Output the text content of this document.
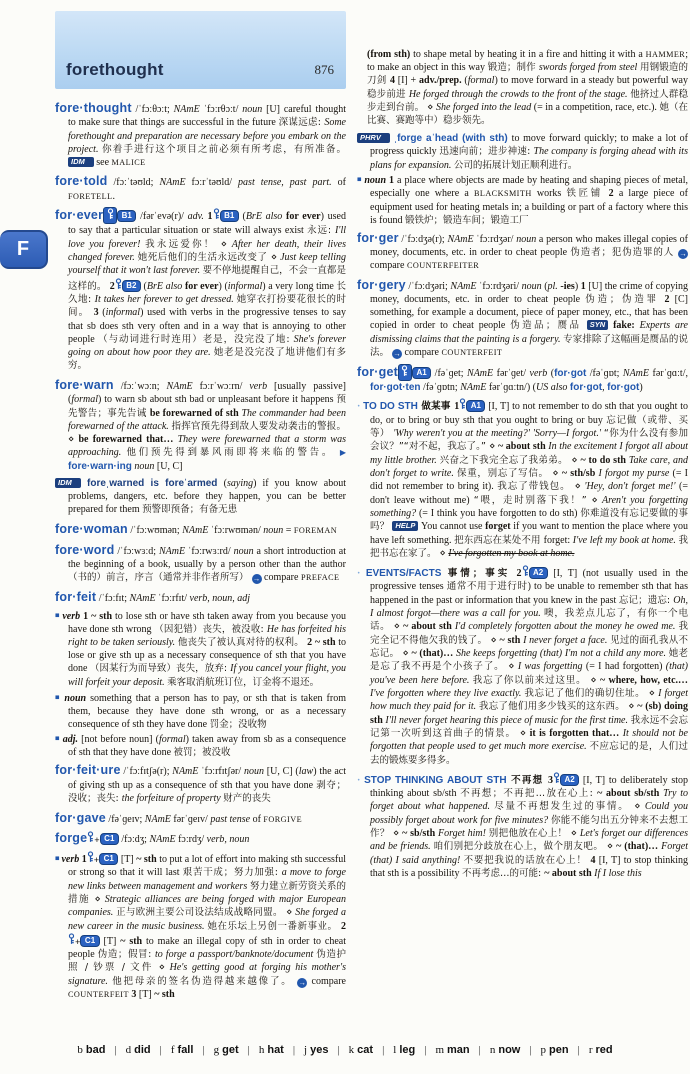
forethought	876
F

fore·thought /ˈfɔːθɔːt; NAmE ˈfɔːrθɔːt/ noun [U] careful thought to make sure that things are successful in the future 深谋远虑: Some forethought and preparation are necessary before you embark on the project. 你着手进行这个项目之前必须有所考虑，有所准备。 IDM see MALICE

fore·told /fɔːˈtəʊld; NAmE fɔːrˈtəʊld/ past tense, past part. of FORETELL.

for·ever B1 /fərˈevə(r)/ adv. 1 B1 (BrE also for ever) used to say that a particular situation or state will always exist 永远: I'll love you forever! 我永远爱你！ ⋄ After her death, their lives changed forever. 她死后他们的生活永远改变了 ⋄ Just keep telling yourself that it won't last forever. 要不停地提醒自己，不会一直都是这样的。 2 B2 (BrE also for ever) (informal) a very long time 长久地: It takes her forever to get dressed. 她穿衣打扮要花很长的时间。 3 (informal) used with verbs in the progressive tenses to say that sb does sth very often and in a way that is annoying to other people （与动词进行时连用）老是，没完没了地: She's forever going on about how poor they are. 她老是没完没了地讲他们有多穷。

fore·warn /fɔːˈwɔːn; NAmE fɔːrˈwɔːrn/ verb [usually passive] (formal) to warn sb about sth bad or unpleasant before it happens 预先警告；事先告诫 be forewarned of sth The commander had been forewarned of the attack. 指挥官预先得到敌人要发动袭击的警报。 ⋄ be forewarned that… They were forewarned that a storm was approaching. 他们预先得到暴风雨即将来临的警告。 ▶ fore·warn·ing noun [U, C]

IDM foreˌwarned is foreˈarmed (saying) if you know about problems, dangers, etc. before they happen, you can be better prepared for them 预警即预备；有备无患

fore·woman /ˈfɔːwʊmən; NAmE ˈfɔːrwʊmən/ noun = FOREMAN

fore·word /ˈfɔːwɜːd; NAmE ˈfɔːrwɜːrd/ noun a short introduction at the beginning of a book, usually by a person other than the author （书的）前言，序言（通常并非作者所写） → compare PREFACE

for·feit /ˈfɔːfɪt; NAmE ˈfɔːrfɪt/ verb, noun, adj

■ verb 1 ~ sth to lose sth or have sth taken away from you because you have done sth wrong （因犯错）丧失，被没收: He has forfeited his right to be taken seriously. 他丧失了被认真对待的权利。 2 ~ sth to lose or give sth up as a necessary consequence of sth that you have done （因某行为而导致）丧失，放弃: If you cancel your flight, you will forfeit your deposit. 乘客取消航班订位，订金将不退还。

■ noun something that a person has to pay, or sth that is taken from them, because they have done sth wrong, or as a necessary consequence of sth they have done 罚金；没收物

■ adj. [not before noun] (formal) taken away from sb as a consequence of sth that they have done 被罚；被没收

for·feit·ure /ˈfɔːfɪtʃə(r); NAmE ˈfɔːrfɪtʃər/ noun [U, C] (law) the act of giving sth up as a consequence of sth that you have done 剥夺；没收；丧失: the forfeiture of property 财产的丧失

for·gave /fəˈɡeɪv; NAmE fərˈɡeɪv/ past tense of FORGIVE

forge + C1 /fɔːdʒ; NAmE fɔːrdʒ/ verb, noun

■ verb 1 + C1 [T] ~ sth to put a lot of effort into making sth successful or strong so that it will last 艰苦干成；努力加强: a move to forge new links between management and workers 努力建立新劳资关系的措施 ⋄ Strategic alliances are being forged with major European companies. 正与欧洲主要公司设法结成战略同盟。 ⋄ She forged a new career in the music business. 她在乐坛上另创一番新事业。 2+ C1 [T] ~ sth to make an illegal copy of sth in order to cheat people 伪造；假冒: to forge a passport/banknote/document 伪造护照 / 钞票 / 文件 ⋄ He's getting good at forging his mother's signature. 他把母亲的签名伪造得越来越像了。 → compare COUNTERFEIT 3 [T] ~ sth

(from sth) to shape metal by heating it in a fire and hitting it with a HAMMER; to make an object in this way 锻造；制作 swords forged from steel 用钢锻造的刀剑 4 [I] + adv./prep. (formal) to move forward in a steady but powerful way 稳步前进 He forged through the crowds to the front of the stage. 他挤过人群稳步走到台前。 ⋄ She forged into the lead (= in a competition, race, etc.). 她（在比赛、赛跑等中）稳步领先。

PHRV ˌforge aˈhead (with sth) to move forward quickly; to make a lot of progress quickly 迅速向前；进步神速: The company is forging ahead with its plans for expansion. 公司的拓展计划正顺利进行。

■ noun 1 a place where objects are made by heating and shaping pieces of metal, especially one where a BLACKSMITH works 铁匠铺 2 a large piece of equipment used for heating metals in; a building or part of a factory where this is found 锻铁炉；锻造车间；锻造工厂

for·ger /ˈfɔːdʒə(r); NAmE ˈfɔːrdʒər/ noun a person who makes illegal copies of money, documents, etc. in order to cheat people 伪造者；犯伪造罪的人 → compare COUNTERFEITER

for·gery /ˈfɔːdʒəri; NAmE ˈfɔːrdʒəri/ noun (pl. -ies) 1 [U] the crime of copying money, documents, etc. in order to cheat people 伪造；伪造罪 2 [C] something, for example a document, piece of paper money, etc., that has been copied in order to cheat people 伪造品；赝品 SYN fake: Experts are dismissing claims that the painting is a forgery. 专家排除了这幅画是赝品的说法。 → compare COUNTERFEIT

for·get A1 /fəˈɡet; NAmE fərˈɡet/ verb (for·got /fəˈɡɒt; NAmE fərˈɡɑːt/, for·got·ten /fəˈɡɒtn; NAmE fərˈɡɑːtn/) (US also for·got, for·got)

· TO DO STH 做某事 1 A1 [I, T] to not remember to do sth that you ought to do, or to bring or buy sth that you ought to bring or buy 忘记做（或带、买等） 'Why weren't you at the meeting?' 'Sorry—I forgot.' “你为什么没有参加会议？”“对不起，我忘了。” ⋄ ~ about sth In the excitement I forgot all about my little brother. 兴奋之下我完全忘了我弟弟。 ⋄ ~ to do sth Take care, and don't forget to write. 保重，别忘了写信。 ⋄ ~ sth/sb I forgot my purse (= I did not remember to bring it). 我忘了带钱包。 ⋄ 'Hey, don't forget me!' (= don't leave without me) “喂，走时别落下我！” ⋄ Aren't you forgetting something? (= I think you have forgotten to do sth) 你难道没有忘记要做的事吗？ HELP You cannot use forget if you want to mention the place where you have left something. 把东西忘在某处不用 forget: I've left my book at home. 我把书忘在家了。 ⋄ I've forgotten my book at home.

· EVENTS/FACTS 事情；事实 2 A2 [I, T] (not usually used in the progressive tenses 通常不用于进行时) to be unable to remember sth that has happened in the past or information that you knew in the past 忘记；遗忘: Oh, I almost forgot—there was a call for you. 噢，我差点儿忘了，有你一个电话。 ⋄ ~ about sth I'd completely forgotten about the money he owed me. 我完全记不得他欠我的钱了。 ⋄ ~ sth I never forget a face. 见过的面孔我从不忘记。 ⋄ ~ (that)… She keeps forgetting (that) I'm not a child any more. 她老是忘了我不再是个小孩子了。 ⋄ I was forgetting (= I had forgotten) (that) you've been here before. 我忘了你以前来过这里。 ⋄ ~ where, how, etc.… I've forgotten where they live exactly. 我忘记了他们的确切住址。 ⋄ I forget how much they paid for it. 我忘了他们用多少钱买的这东西。 ⋄ ~ (sb) doing sth I'll never forget hearing this piece of music for the first time. 我永远不会忘记第一次听到这首曲子的情景。 ⋄ it is forgotten that… It should not be forgotten that people used to get much more exercise. 不应忘记的是，人们过去的锻炼要多得多。

· STOP THINKING ABOUT STH 不再想 3 A2 [I, T] to deliberately stop thinking about sb/sth 不再想；不再把…放在心上: ~ about sb/sth Try to forget about what happened. 尽量不再想发生过的事情。 ⋄ Could you possibly forget about work for five minutes? 你能不能匀出五分钟来不去想工作？ ⋄ ~ sb/sth Forget him! 别把他放在心上！ ⋄ Let's forget our differences and be friends. 咱们别把分歧放在心上，做个朋友吧。 ⋄ ~ (that)… Forget (that) I said anything! 不要把我说的话放在心上！ 4 [I, T] to stop thinking that sth is a possibility 不再考虑…的可能: ~ about sth If I lose this

b bad | d did | f fall | g get | h hat | j yes | k cat | l leg | m man | n now | p pen | r red
